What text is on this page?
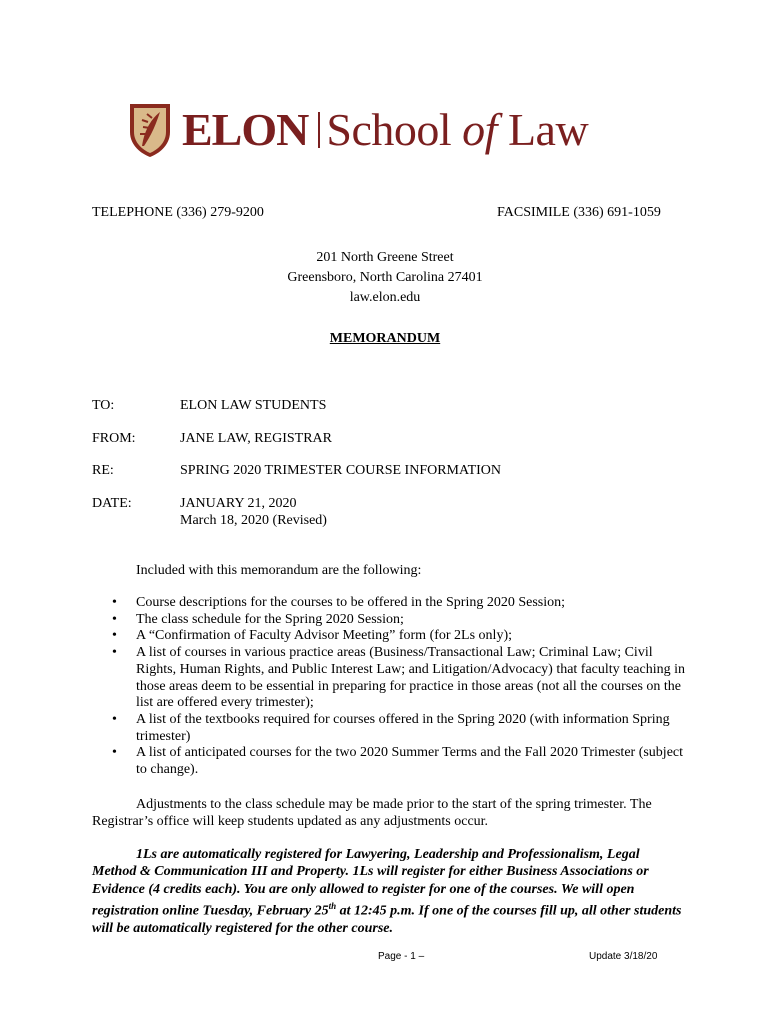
ELON School of Law
TELEPHONE (336) 279-9200	FACSIMILE (336) 691-1059
201 North Greene Street
Greensboro, North Carolina 27401
law.elon.edu
MEMORANDUM
TO:	ELON LAW STUDENTS
FROM:	JANE LAW, REGISTRAR
RE:	SPRING 2020 TRIMESTER COURSE INFORMATION
DATE:	JANUARY 21, 2020
March 18, 2020 (Revised)
Included with this memorandum are the following:
• Course descriptions for the courses to be offered in the Spring 2020 Session;
• The class schedule for the Spring 2020 Session;
• A “Confirmation of Faculty Advisor Meeting” form (for 2Ls only);
• A list of courses in various practice areas (Business/Transactional Law; Criminal Law; Civil Rights, Human Rights, and Public Interest Law; and Litigation/Advocacy) that faculty teaching in those areas deem to be essential in preparing for practice in those areas (not all the courses on the list are offered every trimester);
• A list of the textbooks required for courses offered in the Spring 2020 (with information Spring trimester)
• A list of anticipated courses for the two 2020 Summer Terms and the Fall 2020 Trimester (subject to change).
Adjustments to the class schedule may be made prior to the start of the spring trimester. The Registrar’s office will keep students updated as any adjustments occur.
1Ls are automatically registered for Lawyering, Leadership and Professionalism, Legal Method & Communication III and Property. 1Ls will register for either Business Associations or Evidence (4 credits each). You are only allowed to register for one of the courses. We will open registration online Tuesday, February 25th at 12:45 p.m. If one of the courses fill up, all other students will be automatically registered for the other course.
Page - 1 –	Update 3/18/20
